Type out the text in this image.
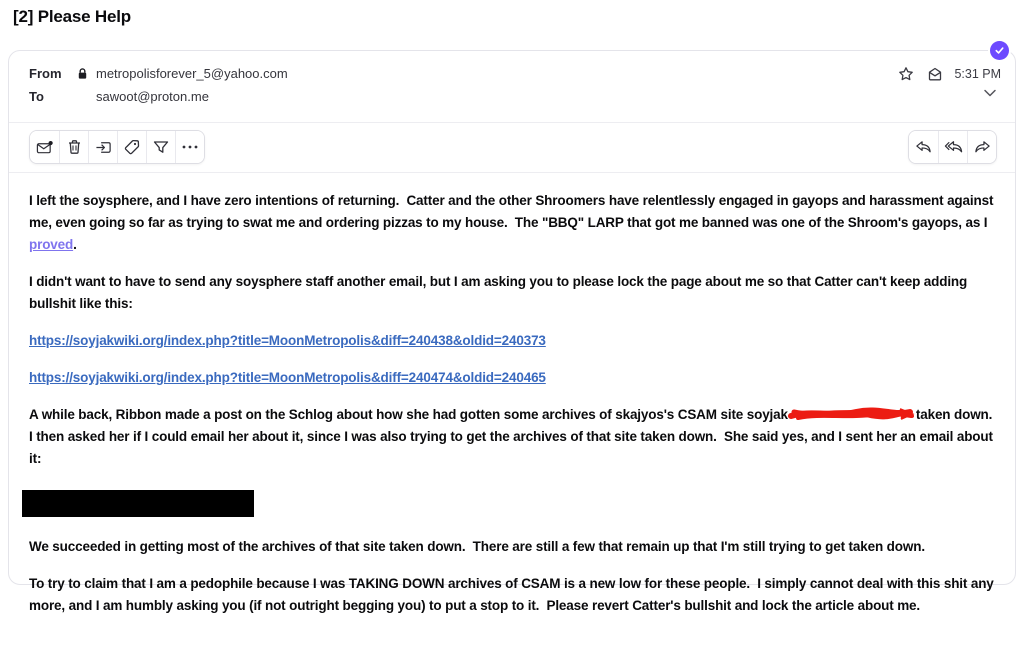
[2] Please Help
From	metropolisforever_5@yahoo.com
To	sawoot@proton.me
5:31 PM

I left the soysphere, and I have zero intentions of returning.  Catter and the other Shroomers have relentlessly engaged in gayops and harassment against me, even going so far as trying to swat me and ordering pizzas to my house.  The "BBQ" LARP that got me banned was one of the Shroom's gayops, as I proved.

I didn't want to have to send any soysphere staff another email, but I am asking you to please lock the page about me so that Catter can't keep adding bullshit like this:

https://soyjakwiki.org/index.php?title=MoonMetropolis&diff=240438&oldid=240373

https://soyjakwiki.org/index.php?title=MoonMetropolis&diff=240474&oldid=240465

A while back, Ribbon made a post on the Schlog about how she had gotten some archives of skajyos's CSAM site soyjak	taken down.  I then asked her if I could email her about it, since I was also trying to get the archives of that site taken down.  She said yes, and I sent her an email about it:

We succeeded in getting most of the archives of that site taken down.  There are still a few that remain up that I'm still trying to get taken down.

To try to claim that I am a pedophile because I was TAKING DOWN archives of CSAM is a new low for these people.  I simply cannot deal with this shit any more, and I am humbly asking you (if not outright begging you) to put a stop to it.  Please revert Catter's bullshit and lock the article about me.
